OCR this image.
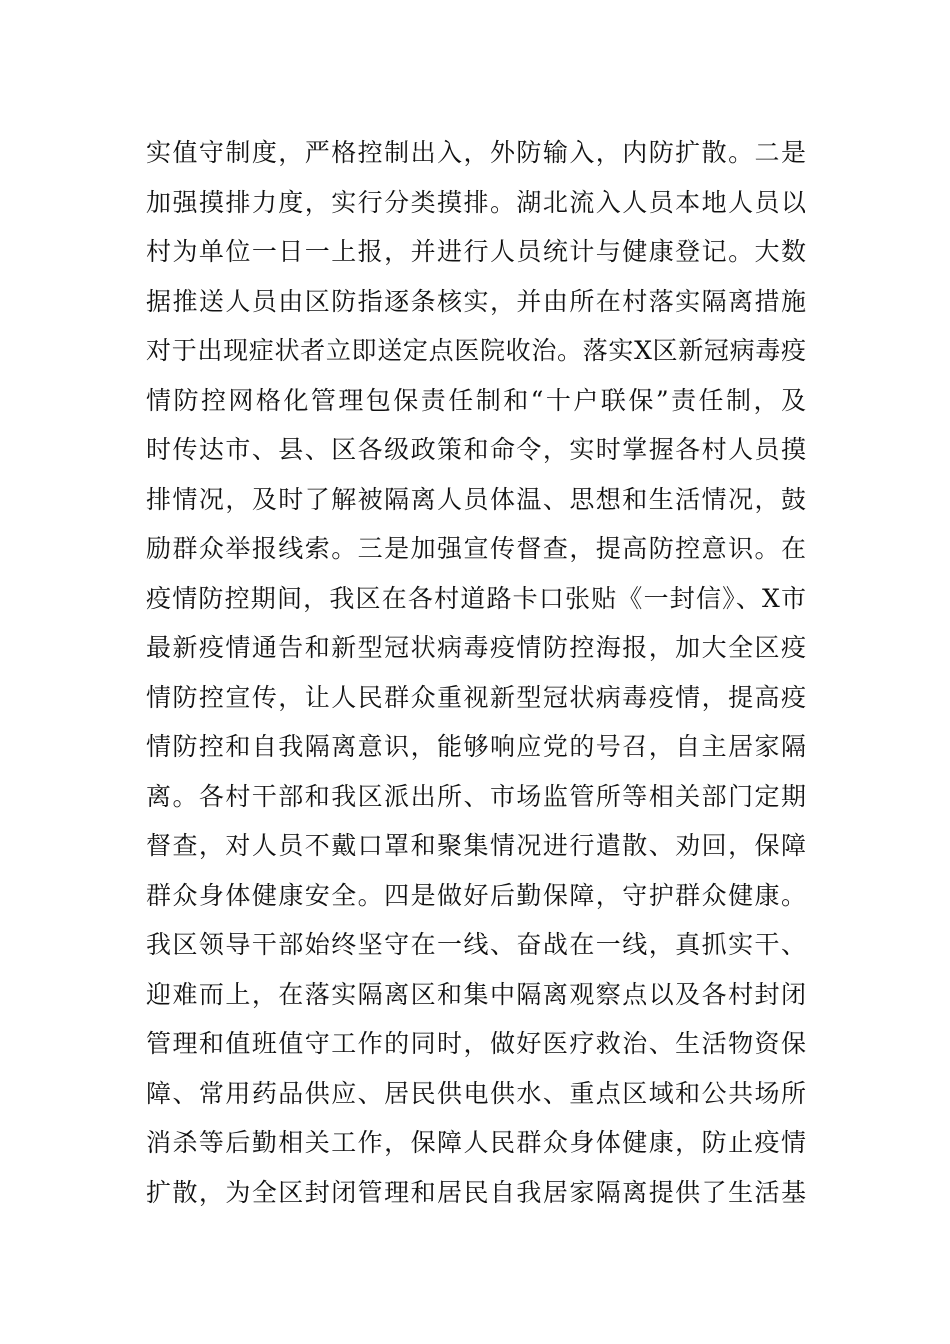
实值守制度，严格控制出入，外防输入，内防扩散。二是
加强摸排力度，实行分类摸排。湖北流入人员本地人员以
村为单位一日一上报，并进行人员统计与健康登记。大数
据推送人员由区防指逐条核实，并由所在村落实隔离措施
对于出现症状者立即送定点医院收治。落实X区新冠病毒疫
情防控网格化管理包保责任制和“十户联保”责任制，及
时传达市、县、区各级政策和命令，实时掌握各村人员摸
排情况，及时了解被隔离人员体温、思想和生活情况，鼓
励群众举报线索。三是加强宣传督查，提高防控意识。在
疫情防控期间，我区在各村道路卡口张贴《一封信》、X市
最新疫情通告和新型冠状病毒疫情防控海报，加大全区疫
情防控宣传，让人民群众重视新型冠状病毒疫情，提高疫
情防控和自我隔离意识，能够响应党的号召，自主居家隔
离。各村干部和我区派出所、市场监管所等相关部门定期
督查，对人员不戴口罩和聚集情况进行遣散、劝回，保障
群众身体健康安全。四是做好后勤保障，守护群众健康。
我区领导干部始终坚守在一线、奋战在一线，真抓实干、
迎难而上，在落实隔离区和集中隔离观察点以及各村封闭
管理和值班值守工作的同时，做好医疗救治、生活物资保
障、常用药品供应、居民供电供水、重点区域和公共场所
消杀等后勤相关工作，保障人民群众身体健康，防止疫情
扩散，为全区封闭管理和居民自我居家隔离提供了生活基
